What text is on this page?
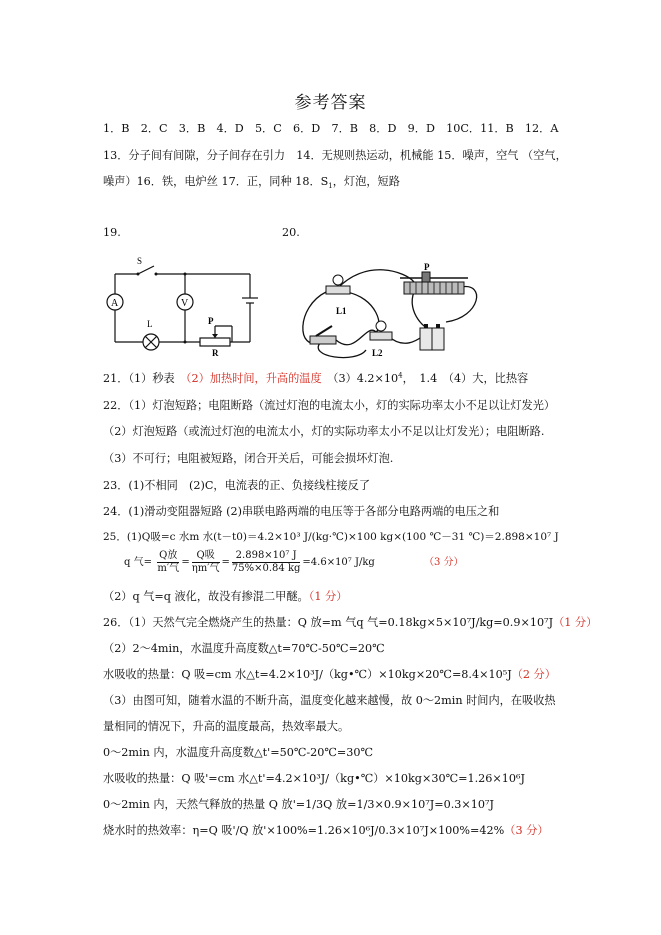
参考答案
1．B　2．C　3．B　4．D　5．C　6．D　7．B　8．D　9．D　10C．11．B　12．A
13．分子间有间隙，分子间存在引力　14．无规则热运动，机械能 15．噪声，空气 （空气，
噪声）16．铁，电炉丝 17．正，同种 18．$S_1$，灯泡，短路
19.	20.
A	V
S
L	P
R
L1
L2
P
21．（1）秒表　（2）加热时间，升高的温度　$(3)4.2\times 10^4$，　1.4　（4）大，比热容
22．（1）灯泡短路；电阻断路（流过灯泡的电流太小，灯的实际功率太小不足以让灯发光）
（2）灯泡短路（或流过灯泡的电流太小，灯的实际功率太小不足以让灯发光）；电阻断路.
（3）不可行；电阻被短路，闭合开关后，可能会损坏灯泡.
23．(1)不相同　(2)C，电流表的正、负接线柱接反了
24．(1)滑动变阻器短路 (2)串联电路两端的电压等于各部分电路两端的电压之和
25．(1)Q吸=c 水m 水(t－t0)＝4.2×10³ J/(kg·℃)×100 kg×(100 ℃－31 ℃)＝2.898×10⁷ J
q 气= $\frac{\text{Q放}}{\text{m′气}} = \frac{\text{Q吸}}{\text{ηm′气}} = \frac{\text{2.898×10⁷ J}}{75\%\times 0.84 kg} =4.6\times 10^7$ J/kg	（3 分）
（2）q 气=q 液化，故没有掺混二甲醚。（1 分）
26．（1）天然气完全燃烧产生的热量：Q 放=m 气q 气=0.18kg×5×10⁷J/kg=0.9×10⁷J（1 分）
（2）2～4min，水温度升高度数△t=70℃-50℃=20℃
水吸收的热量：Q 吸=cm 水△t=4.2×10³J/（kg•℃）×10kg×20℃=8.4×10⁵J（2 分）
（3）由图可知，随着水温的不断升高，温度变化越来越慢，故 0～2min 时间内，在吸收热
量相同的情况下，升高的温度最高，热效率最大。
0～2min 内，水温度升高度数△t'=50℃-20℃=30℃
水吸收的热量：Q 吸'=cm 水△t'=4.2×10³J/（kg•℃）×10kg×30℃=1.26×10⁶J
0～2min 内，天然气释放的热量 Q 放'=1/3Q 放=1/3×0.9×10⁷J=0.3×10⁷J
烧水时的热效率：η=Q 吸'/Q 放'×100%=1.26×10⁶J/0.3×10⁷J×100%=42%（3 分）
